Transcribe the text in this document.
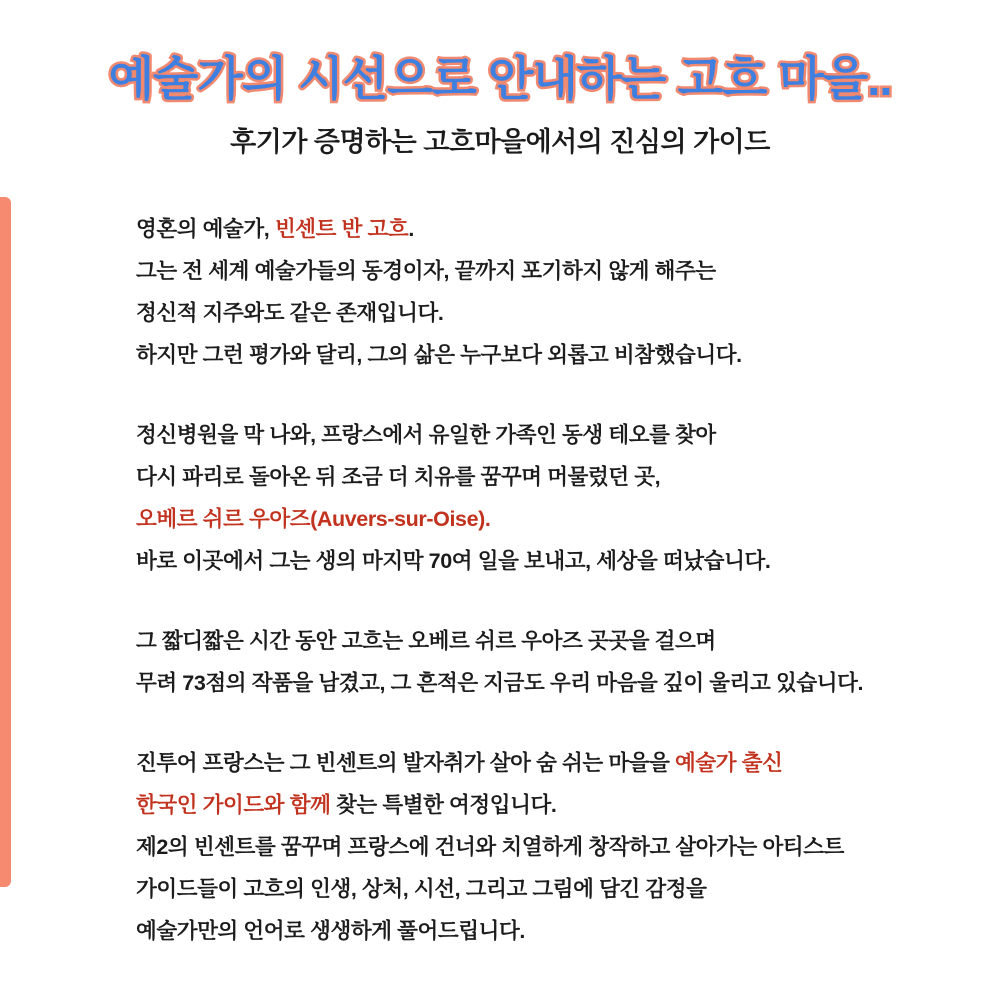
예술가의 시선으로 안내하는 고흐 마을..
후기가 증명하는 고흐마을에서의 진심의 가이드
영혼의 예술가, 빈센트 반 고흐.
그는 전 세계 예술가들의 동경이자, 끝까지 포기하지 않게 해주는
정신적 지주와도 같은 존재입니다.
하지만 그런 평가와 달리, 그의 삶은 누구보다 외롭고 비참했습니다.
정신병원을 막 나와, 프랑스에서 유일한 가족인 동생 테오를 찾아
다시 파리로 돌아온 뒤 조금 더 치유를 꿈꾸며 머물렀던 곳,
오베르 쉬르 우아즈(Auvers-sur-Oise).
바로 이곳에서 그는 생의 마지막 70여 일을 보내고, 세상을 떠났습니다.
그 짧디짧은 시간 동안 고흐는 오베르 쉬르 우아즈 곳곳을 걸으며
무려 73점의 작품을 남겼고, 그 흔적은 지금도 우리 마음을 깊이 울리고 있습니다.
진투어 프랑스는 그 빈센트의 발자취가 살아 숨 쉬는 마을을 예술가 출신
한국인 가이드와 함께 찾는 특별한 여정입니다.
제2의 빈센트를 꿈꾸며 프랑스에 건너와 치열하게 창작하고 살아가는 아티스트
가이드들이 고흐의 인생, 상처, 시선, 그리고 그림에 담긴 감정을
예술가만의 언어로 생생하게 풀어드립니다.
